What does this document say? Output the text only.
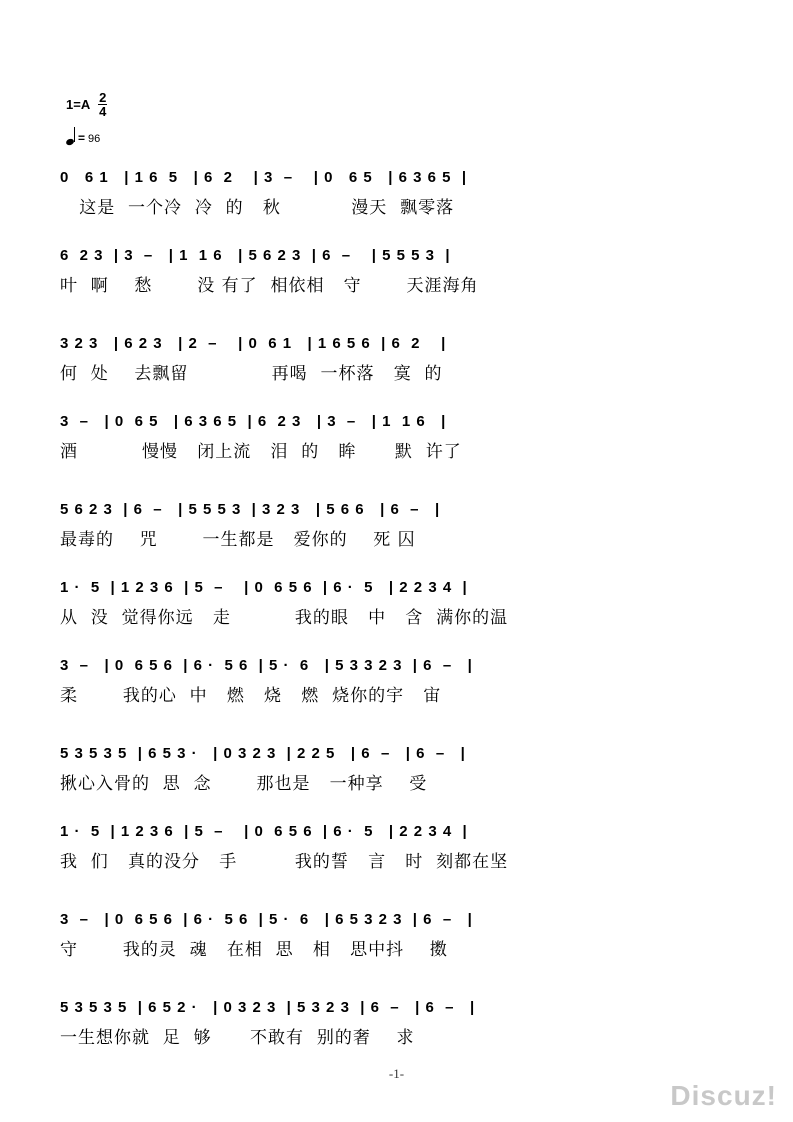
1=A 2
4
= 96
0   6 1   | 1 6  5   | 6  2    | 3  –    | 0   6 5   | 6 3 6 5  |
这是  一个冷  冷  的   秋           漫天  飘零落
6  2 3  | 3  –   | 1  1 6   | 5 6 2 3  | 6  –    | 5 5 5 3  |
叶  啊    愁       没 有了  相依相   守       天涯海角
3 2 3   | 6 2 3   | 2  –    | 0  6 1   | 1 6 5 6  | 6  2    |
何  处    去飘留             再喝  一杯落   寞  的
3  –   | 0  6 5   | 6 3 6 5  | 6  2 3   | 3  –   | 1  1 6   |
酒          慢慢   闭上流   泪  的   眸      默  许了
5 6 2 3  | 6  –   | 5 5 5 3  | 3 2 3   | 5 6 6   | 6  –   |
最毒的    咒       一生都是   爱你的    死 囚
1 ·  5  | 1 2 3 6  | 5  –    | 0  6 5 6  | 6 ·  5   | 2 2 3 4  |
从  没  觉得你远   走          我的眼   中   含  满你的温
3  –   | 0  6 5 6  | 6 ·  5 6  | 5 ·  6   | 5 3 3 2 3  | 6  –   |
柔       我的心  中   燃   烧   燃  烧你的宇   宙
5 3 5 3 5  | 6 5 3 ·   | 0 3 2 3  | 2 2 5   | 6  –   | 6  –   |
揪心入骨的  思  念       那也是   一种享    受
1 ·  5  | 1 2 3 6  | 5  –    | 0  6 5 6  | 6 ·  5   | 2 2 3 4  |
我  们   真的没分   手         我的誓   言   时  刻都在坚
3  –   | 0  6 5 6  | 6 ·  5 6  | 5 ·  6   | 6 5 3 2 3  | 6  –   |
守       我的灵  魂   在相  思   相   思中抖    擞
5 3 5 3 5  | 6 5 2 ·   | 0 3 2 3  | 5 3 2 3  | 6  –   | 6  –   |
一生想你就  足  够      不敢有  别的奢    求
-1-
Discuz!
